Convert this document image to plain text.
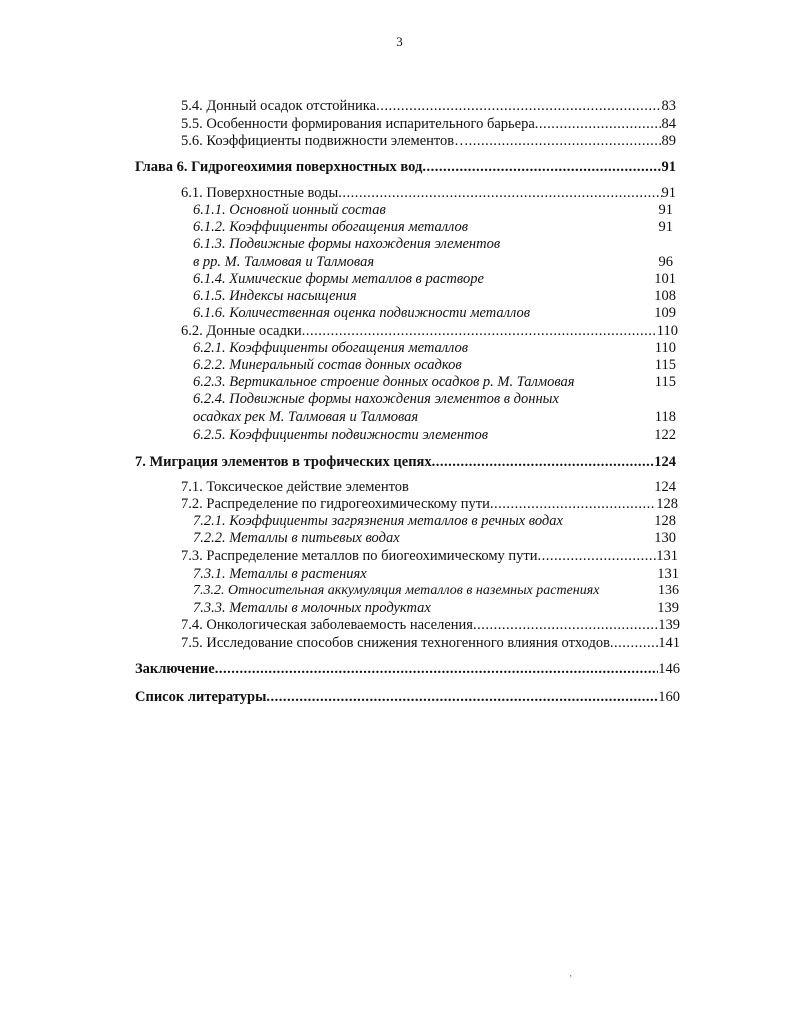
3
5.4. Донный осадок отстойника .....	83
5.5. Особенности формирования испарительного барьера .....	84
5.6. Коэффициенты подвижности элементов… .....	89
Глава 6. Гидрогеохимия поверхностных вод .....	91
6.1. Поверхностные воды .....	91
6.1.1. Основной ионный состав	91
6.1.2. Коэффициенты обогащения металлов	91
6.1.3. Подвижные формы нахождения элементов
в рр. М. Талмовая и Талмовая	96
6.1.4. Химические формы металлов в растворе	101
6.1.5. Индексы насыщения	108
6.1.6. Количественная оценка подвижности металлов	109
6.2. Донные осадки .....	110
6.2.1. Коэффициенты обогащения металлов	110
6.2.2. Минеральный состав донных осадков	115
6.2.3. Вертикальное строение донных осадков р. М. Талмовая	115
6.2.4. Подвижные формы нахождения элементов в донных
осадках рек М. Талмовая и Талмовая	118
6.2.5. Коэффициенты подвижности элементов	122
7. Миграция элементов в трофических цепях .....	124
7.1. Токсическое действие элементов	124
7.2. Распределение по гидрогеохимическому пути .....	128
7.2.1. Коэффициенты загрязнения металлов в речных водах	128
7.2.2. Металлы в питьевых водах	130
7.3. Распределение металлов по биогеохимическому пути .....	131
7.3.1. Металлы в растениях	131
7.3.2. Относительная аккумуляция металлов в наземных растениях	136
7.3.3. Металлы в молочных продуктах	139
7.4. Онкологическая заболеваемость населения .....	139
7.5. Исследование способов снижения техногенного влияния отходов .....	141
Заключение .....	146
Список литературы .....	160
‚
